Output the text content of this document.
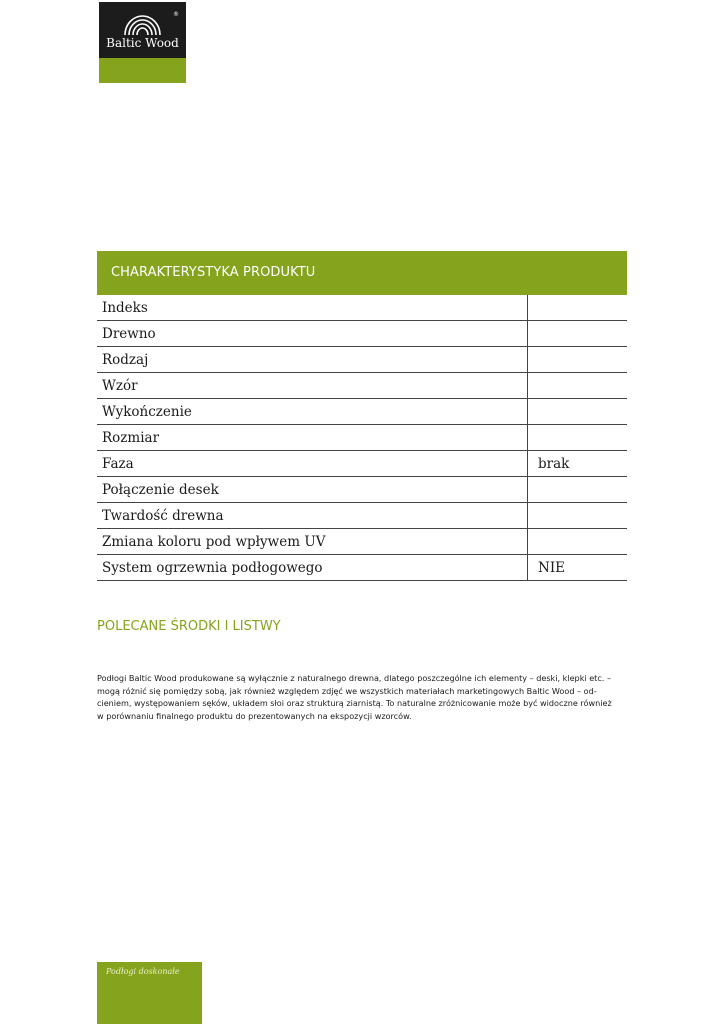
®
Baltic Wood
CHARAKTERYSTYKA PRODUKTU
Indeks	
Drewno	
Rodzaj	
Wzór	
Wykończenie	
Rozmiar	
Faza	brak
Połączenie desek	
Twardość drewna	
Zmiana koloru pod wpływem UV	
System ogrzewnia podłogowego	NIE
POLECANE ŚRODKI I LISTWY
Podłogi Baltic Wood produkowane są wyłącznie z naturalnego drewna, dlatego poszczególne ich elementy – deski, klepki etc. –
mogą różnić się pomiędzy sobą, jak również względem zdjęć we wszystkich materiałach marketingowych Baltic Wood – od-
cieniem, występowaniem sęków, układem słoi oraz strukturą ziarnistą. To naturalne zróżnicowanie może być widoczne również
w porównaniu finalnego produktu do prezentowanych na ekspozycji wzorców.
Podłogi doskonałe
